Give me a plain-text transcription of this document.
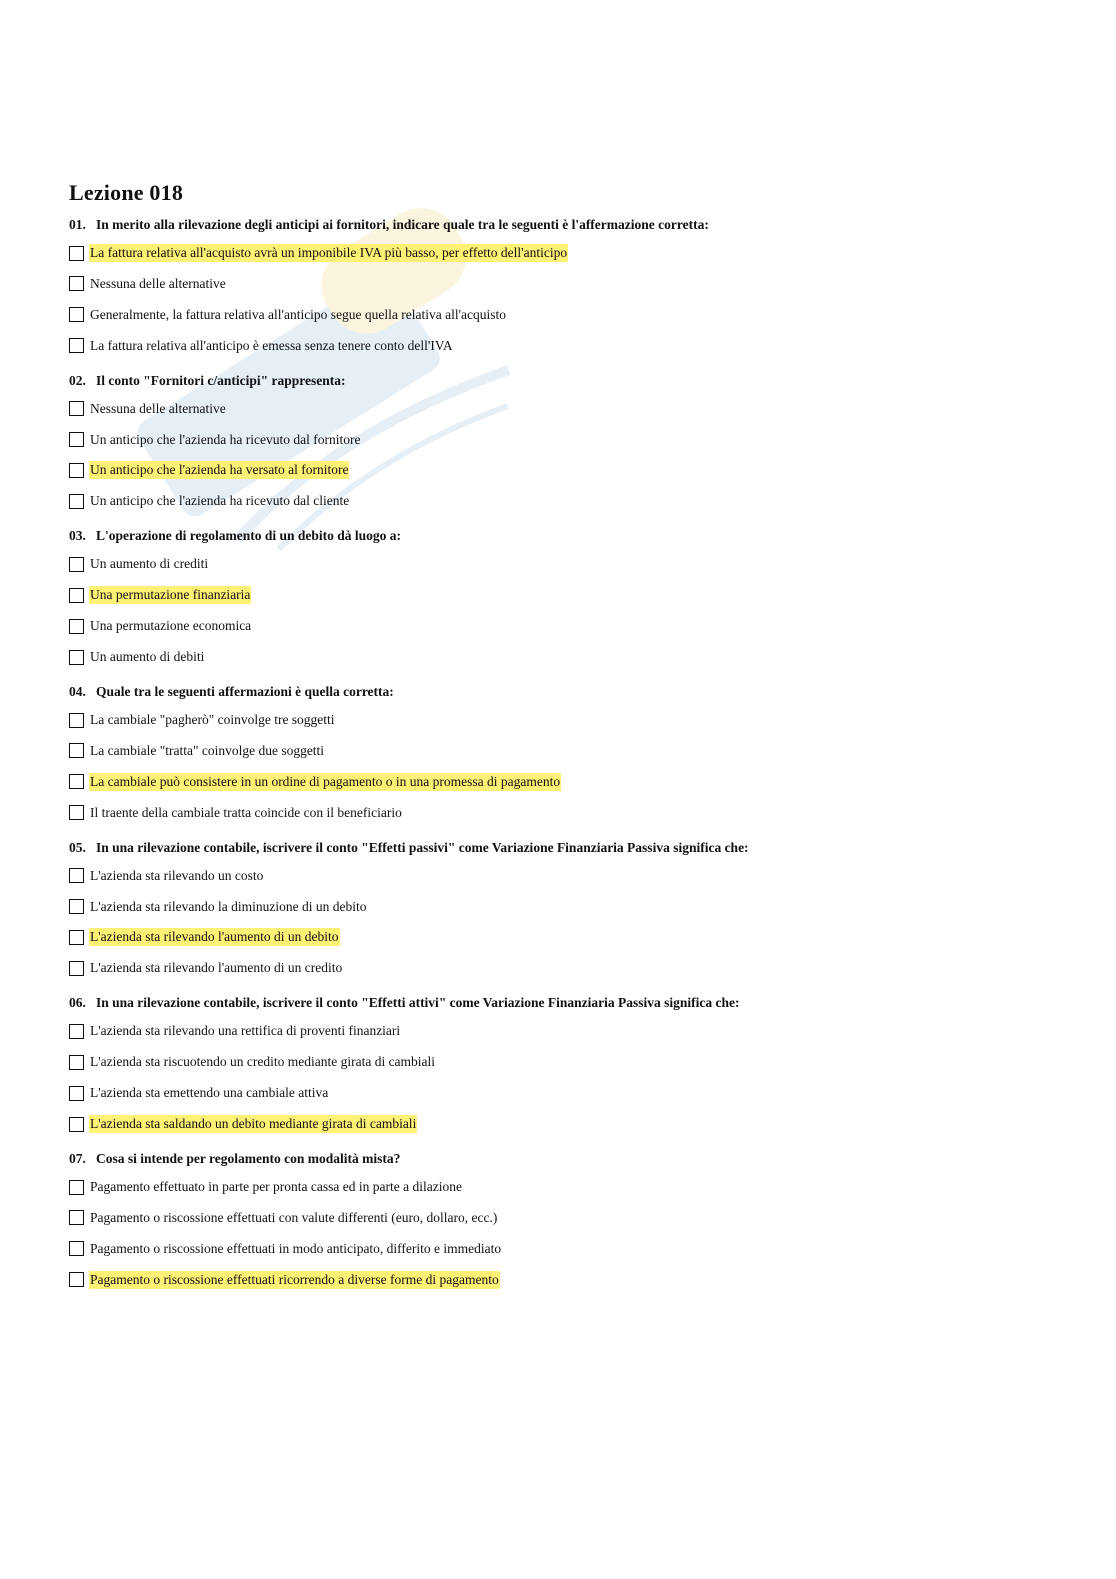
Lezione 018
01. In merito alla rilevazione degli anticipi ai fornitori, indicare quale tra le seguenti è l'affermazione corretta:
La fattura relativa all'acquisto avrà un imponibile IVA più basso, per effetto dell'anticipo
Nessuna delle alternative
Generalmente, la fattura relativa all'anticipo segue quella relativa all'acquisto
La fattura relativa all'anticipo è emessa senza tenere conto dell'IVA
02. Il conto "Fornitori c/anticipi" rappresenta:
Nessuna delle alternative
Un anticipo che l'azienda ha ricevuto dal fornitore
Un anticipo che l'azienda ha versato al fornitore
Un anticipo che l'azienda ha ricevuto dal cliente
03. L'operazione di regolamento di un debito dà luogo a:
Un aumento di crediti
Una permutazione finanziaria
Una permutazione economica
Un aumento di debiti
04. Quale tra le seguenti affermazioni è quella corretta:
La cambiale "pagherò" coinvolge tre soggetti
La cambiale "tratta" coinvolge due soggetti
La cambiale può consistere in un ordine di pagamento o in una promessa di pagamento
Il traente della cambiale tratta coincide con il beneficiario
05. In una rilevazione contabile, iscrivere il conto "Effetti passivi" come Variazione Finanziaria Passiva significa che:
L'azienda sta rilevando un costo
L'azienda sta rilevando la diminuzione di un debito
L'azienda sta rilevando l'aumento di un debito
L'azienda sta rilevando l'aumento di un credito
06. In una rilevazione contabile, iscrivere il conto "Effetti attivi" come Variazione Finanziaria Passiva significa che:
L'azienda sta rilevando una rettifica di proventi finanziari
L'azienda sta riscuotendo un credito mediante girata di cambiali
L'azienda sta emettendo una cambiale attiva
L'azienda sta saldando un debito mediante girata di cambiali
07. Cosa si intende per regolamento con modalità mista?
Pagamento effettuato in parte per pronta cassa ed in parte a dilazione
Pagamento o riscossione effettuati con valute differenti (euro, dollaro, ecc.)
Pagamento o riscossione effettuati in modo anticipato, differito e immediato
Pagamento o riscossione effettuati ricorrendo a diverse forme di pagamento
